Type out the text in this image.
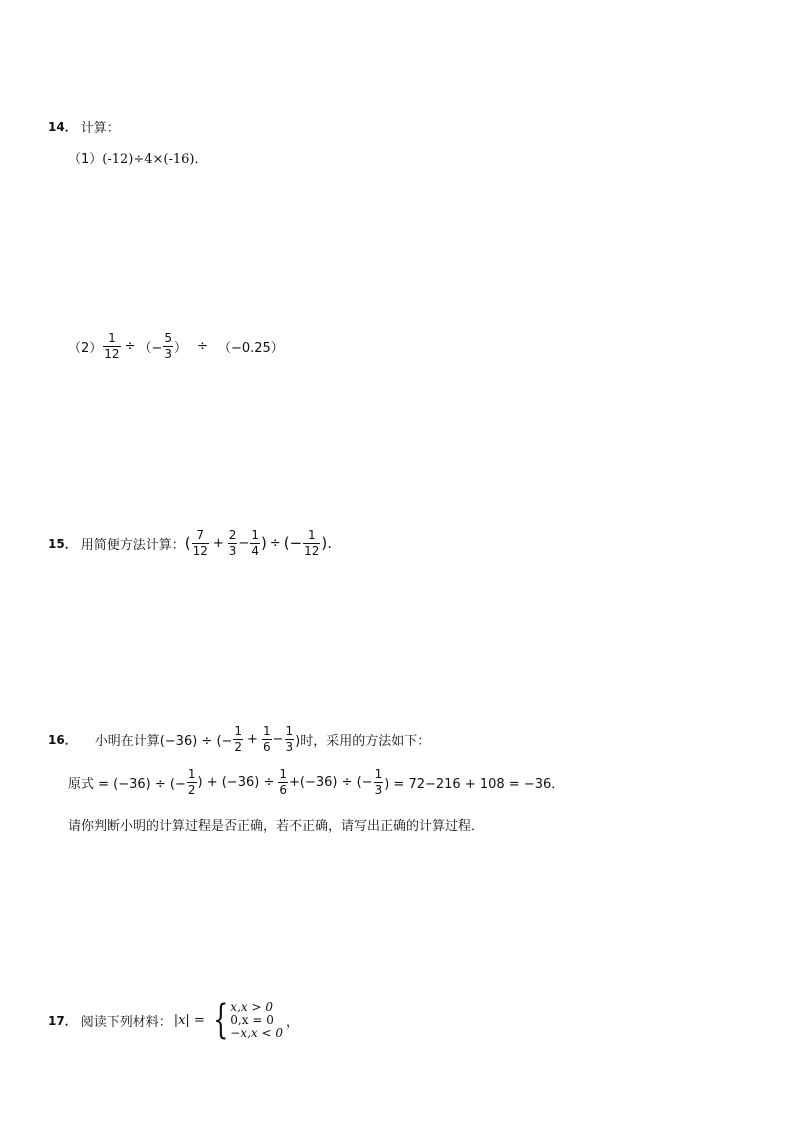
14． 计算：
（1） (-12)÷4×(-16)．
$(2) \frac{1}{12}$ ÷ （− $\frac{5}{3}$ ） ÷ （−0.25）
15． 用简便方法计算： ( $\frac{7}{12} + \frac{2}{3} - \frac{1}{4}$ ) ÷ (− $\frac{1}{12}$ ).
16． 小明在计算(−36) ÷ (− $\frac{1}{2} + \frac{1}{6} - \frac{1}{3}$ )时，采用的方法如下：
原式 = (−36) ÷ (− $\frac{1}{2}$ ) + $(-36) \div \frac{1}{6} +(-36)$ ÷ (− $\frac{1}{3}$ ) = 72−216 + 108 = −36．
请你判断小明的计算过程是否正确，若不正确，请写出正确的计算过程．
17． 阅读下列材料： |x| = { x,x > 0
0,x = 0
−x,x < 0
，
